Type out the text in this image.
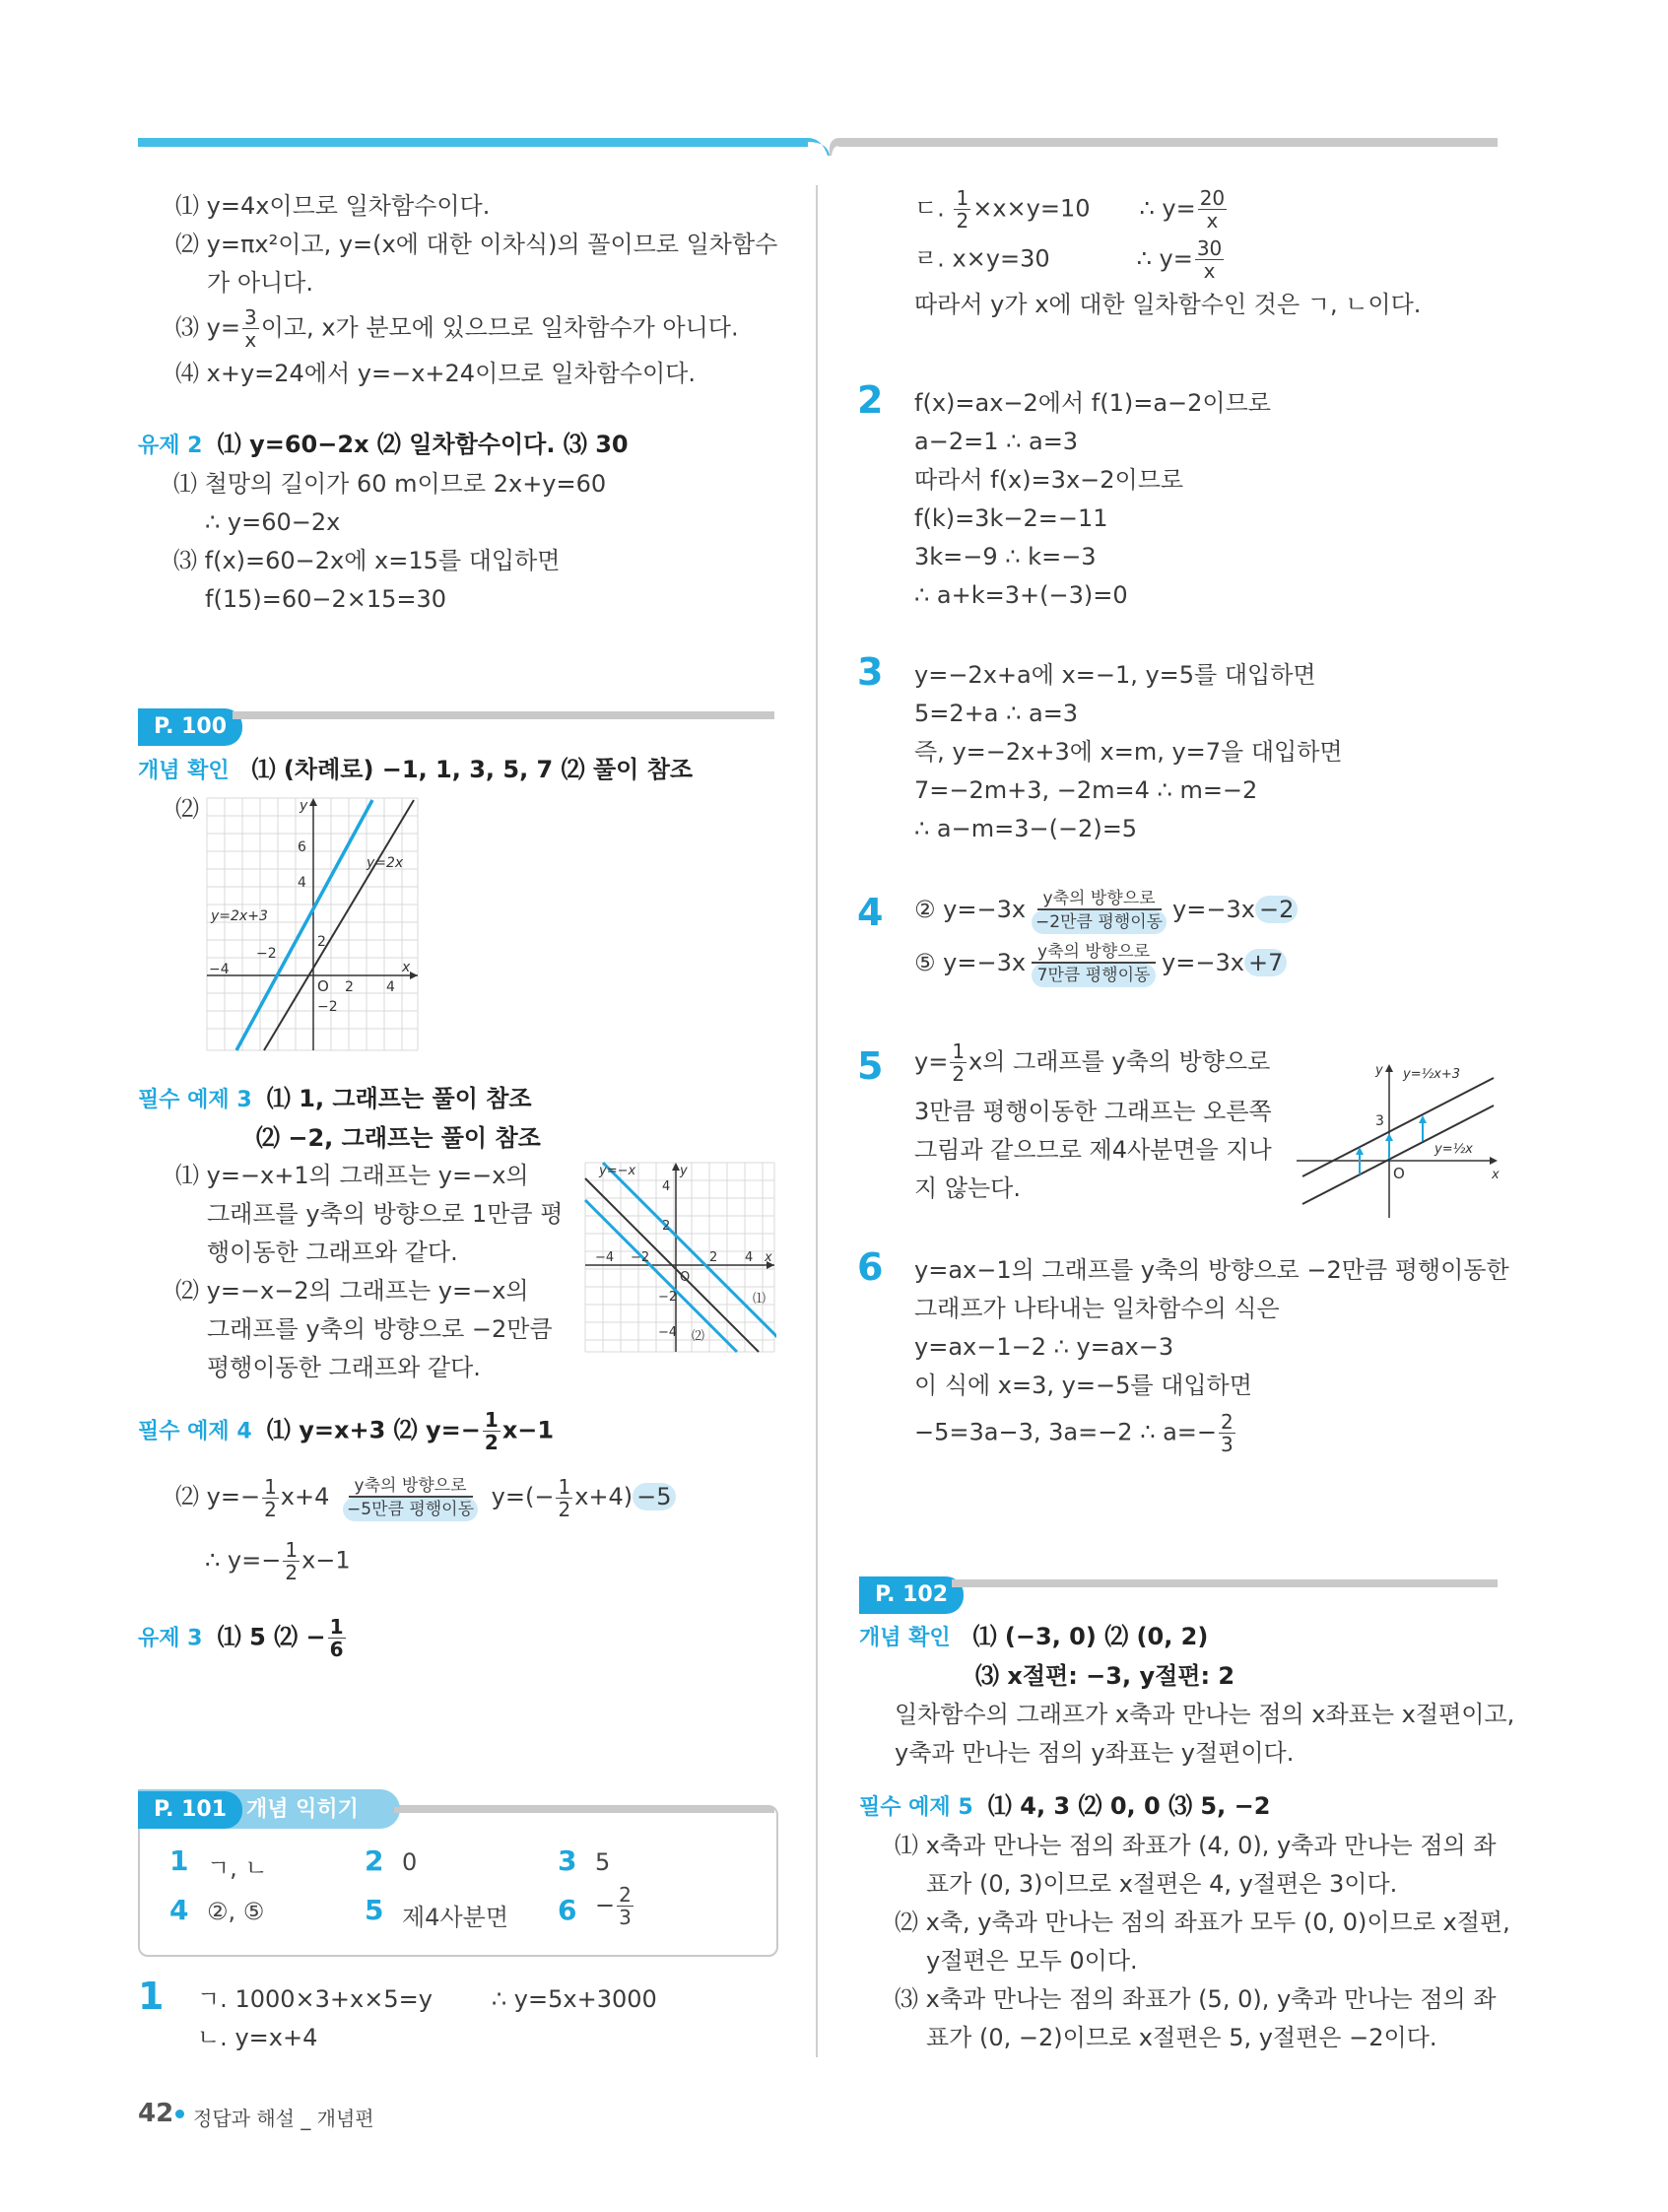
⑴ y=4x이므로 일차함수이다.
⑵ y=πx²이고, y=(x에 대한 이차식)의 꼴이므로 일차함수
가 아니다.
⑶ $y= \frac{3}{x}$ 이고, x가 분모에 있으므로 일차함수가 아니다.
⑷ x+y=24에서 y=−x+24이므로 일차함수이다.
유제 2 ⑴ y=60−2x ⑵ 일차함수이다. ⑶ 30
⑴ 철망의 길이가 60 m이므로 2x+y=60
∴ y=60−2x
⑶ f(x)=60−2x에 x=15를 대입하면
f(15)=60−2×15=30
P. 100
개념 확인 ⑴ (차례로) −1, 1, 3, 5, 7 ⑵ 풀이 참조
⑵	y
x
O
y=2x
y=2x+3
6
4
2
−2
−4
2 4
−2
필수 예제 3 ⑴ 1, 그래프는 풀이 참조
⑵ −2, 그래프는 풀이 참조
⑴ y=−x+1의 그래프는 y=−x의
그래프를 y축의 방향으로 1만큼 평
행이동한 그래프와 같다.
⑵ y=−x−2의 그래프는 y=−x의
그래프를 y축의 방향으로 −2만큼
평행이동한 그래프와 같다.
y=−x	y
x
O
⑴
⑵
4
2
−2
−4
−4 −2	2 4
필수 예제 4 ⑴ y=x+3 ⑵ $y=- \frac{1}{2} x-1$
⑵ $y=- \frac{1}{2} x+4$ y축의 방향으로
−5만큼 평행이동 $y=(- \frac{1}{2} x+4) -5$
∴ $y=- \frac{1}{2} x-1$
유제 3 ⑴ 5 ⑵ − $\frac{1}{6}$
P. 101 개념 익히기
1 ㄱ, ㄴ	2 0	3 5
4 ②, ⑤	5 제4사분면 $6 - \frac{2}{3}$
1 ㄱ. 1000×3+x×5=y	∴ y=5x+3000
ㄴ. y=x+4
ㄷ. $\frac{1}{2} \times x\times y=10$ ∴ $y= \frac{20}{x}$
ㄹ. x×y=30	∴ $y= \frac{30}{x}$
따라서 y가 x에 대한 일차함수인 것은 ㄱ, ㄴ이다.
2 f(x)=ax−2에서 f(1)=a−2이므로
a−2=1 ∴ a=3
따라서 f(x)=3x−2이므로
f(k)=3k−2=−11
3k=−9 ∴ k=−3
∴ a+k=3+(−3)=0
3 y=−2x+a에 x=−1, y=5를 대입하면
5=2+a ∴ a=3
즉, y=−2x+3에 x=m, y=7을 대입하면
7=−2m+3, −2m=4 ∴ m=−2
∴ a−m=3−(−2)=5
4 ② y=−3x y축의 방향으로
−2만큼 평행이동 y=−3x −2
⑤ y=−3x y축의 방향으로
7만큼 평행이동 y=−3x +7
5 $y= \frac{1}{2}$ x의 그래프를 y축의 방향으로
3만큼 평행이동한 그래프는 오른쪽
그림과 같으므로 제4사분면을 지나
지 않는다.
y
x
O
3
y=½x+3
y=½x
6 y=ax−1의 그래프를 y축의 방향으로 −2만큼 평행이동한
그래프가 나타내는 일차함수의 식은
y=ax−1−2 ∴ y=ax−3
이 식에 x=3, y=−5를 대입하면
−5=3a−3, 3a=−2 ∴ $a=- \frac{2}{3}$
P. 102
개념 확인 ⑴ (−3, 0) ⑵ (0, 2)
⑶ x절편: −3, y절편: 2
일차함수의 그래프가 x축과 만나는 점의 x좌표는 x절편이고,
y축과 만나는 점의 y좌표는 y절편이다.
필수 예제 5 ⑴ 4, 3 ⑵ 0, 0 ⑶ 5, −2
⑴ x축과 만나는 점의 좌표가 (4, 0), y축과 만나는 점의 좌
표가 (0, 3)이므로 x절편은 4, y절편은 3이다.
⑵ x축, y축과 만나는 점의 좌표가 모두 (0, 0)이므로 x절편,
y절편은 모두 0이다.
⑶ x축과 만나는 점의 좌표가 (5, 0), y축과 만나는 점의 좌
표가 (0, −2)이므로 x절편은 5, y절편은 −2이다.
42 정답과 해설 _ 개념편
